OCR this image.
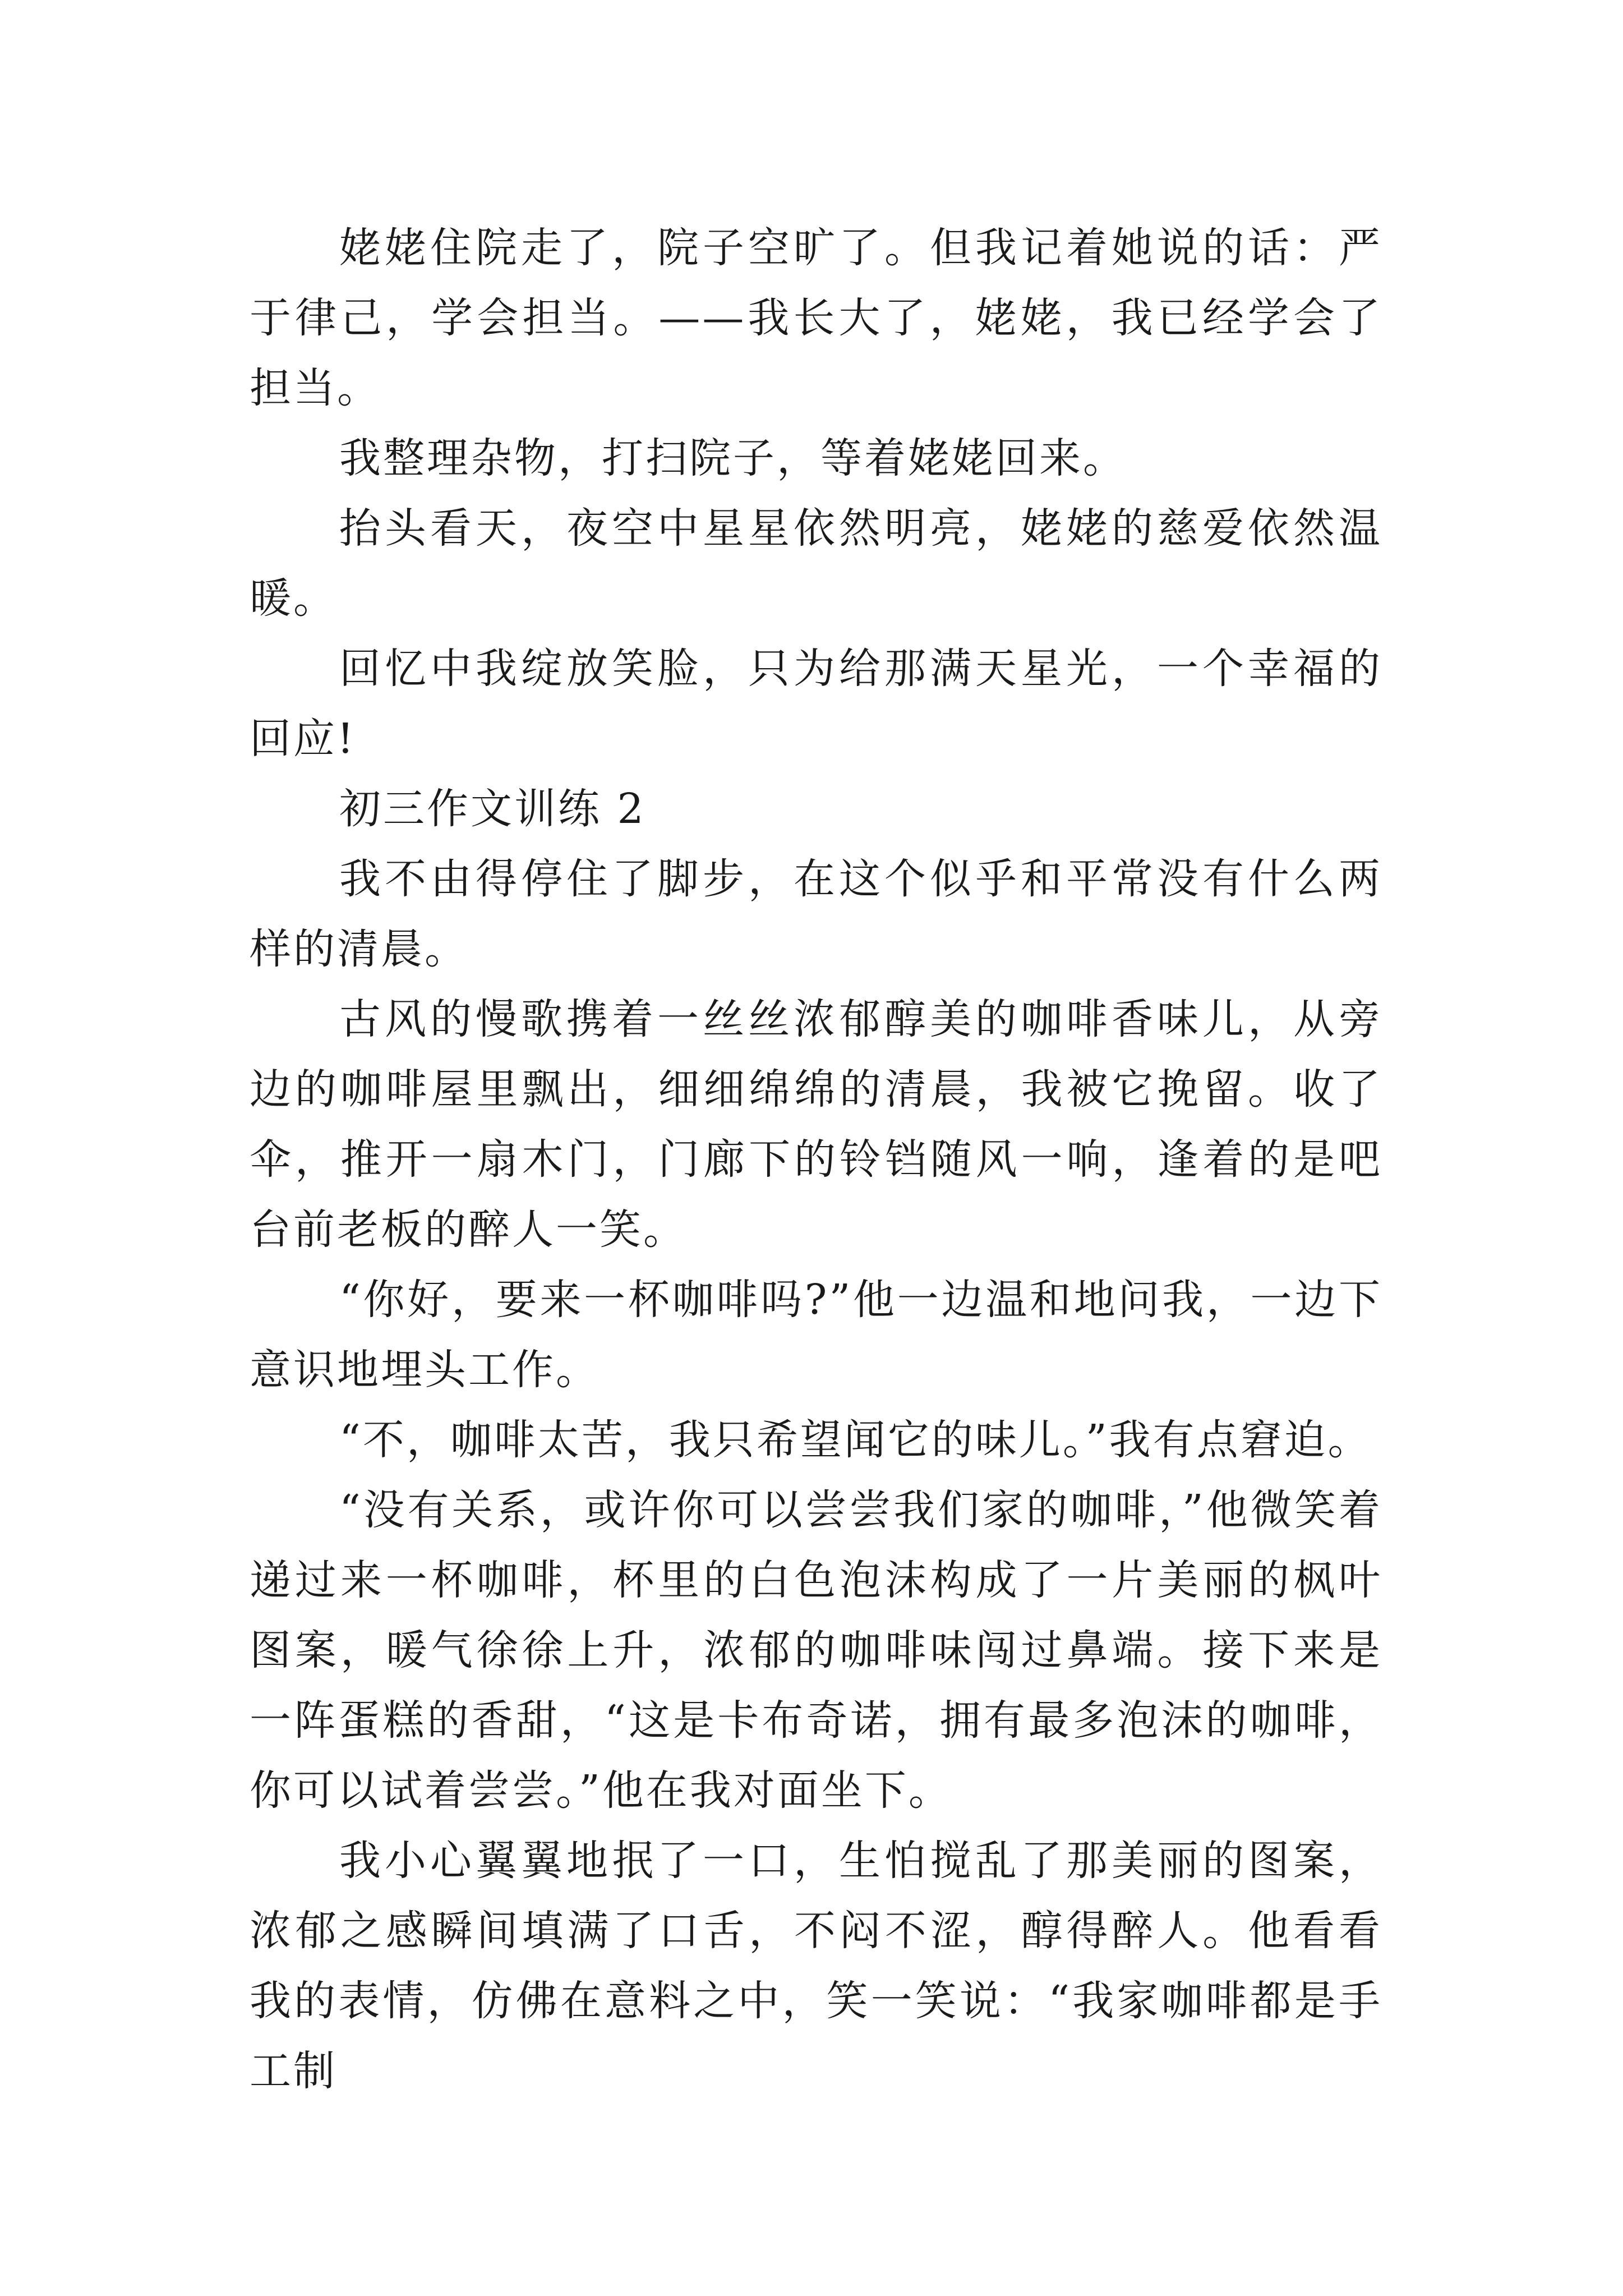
姥姥住院走了，院子空旷了。但我记着她说的话：严于律己，学会担当。——我长大了，姥姥，我已经学会了担当。

我整理杂物，打扫院子，等着姥姥回来。

抬头看天，夜空中星星依然明亮，姥姥的慈爱依然温暖。

回忆中我绽放笑脸，只为给那满天星光，一个幸福的回应!

初三作文训练 2

我不由得停住了脚步，在这个似乎和平常没有什么两样的清晨。

古风的慢歌携着一丝丝浓郁醇美的咖啡香味儿，从旁边的咖啡屋里飘出，细细绵绵的清晨，我被它挽留。收了伞，推开一扇木门，门廊下的铃铛随风一响，逢着的是吧台前老板的醉人一笑。

“你好，要来一杯咖啡吗?”他一边温和地问我，一边下意识地埋头工作。

“不，咖啡太苦，我只希望闻它的味儿。”我有点窘迫。

“没有关系，或许你可以尝尝我们家的咖啡，”他微笑着递过来一杯咖啡，杯里的白色泡沫构成了一片美丽的枫叶图案，暖气徐徐上升，浓郁的咖啡味闯过鼻端。接下来是一阵蛋糕的香甜，“这是卡布奇诺，拥有最多泡沫的咖啡，你可以试着尝尝。”他在我对面坐下。

我小心翼翼地抿了一口，生怕搅乱了那美丽的图案，浓郁之感瞬间填满了口舌，不闷不涩，醇得醉人。他看看我的表情，仿佛在意料之中，笑一笑说：“我家咖啡都是手工制
